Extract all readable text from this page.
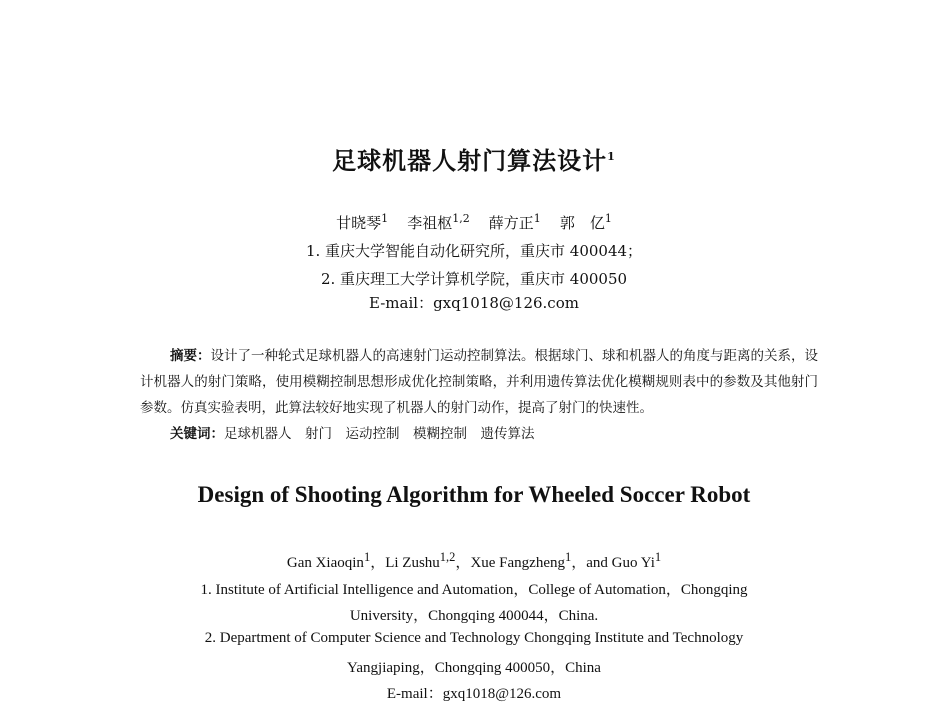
足球机器人射门算法设计$^1$
甘晓琴$^1$ 李祖枢$^{1,2}$ 薛方正$^1$ 郭　亿$^1$
1. 重庆大学智能自动化研究所，重庆市 400044；
2. 重庆理工大学计算机学院，重庆市 400050
E-mail：gxq1018@126.com

摘要：设计了一种轮式足球机器人的高速射门运动控制算法。根据球门、球和机器人的角度与距离的关系，设计机器人的射门策略，使用模糊控制思想形成优化控制策略，并利用遗传算法优化模糊规则表中的参数及其他射门参数。仿真实验表明，此算法较好地实现了机器人的射门动作，提高了射门的快速性。

关键词：足球机器人　射门　运动控制　模糊控制　遗传算法
Design of Shooting Algorithm for Wheeled Soccer Robot
Gan Xiaoqin$^1$，Li Zushu$^{1,2}$，Xue Fangzheng$^1$，and Guo Yi$^1$
1. Institute of Artificial Intelligence and Automation，College of Automation，Chongqing
University，Chongqing 400044，China.
2. Department of Computer Science and Technology Chongqing Institute and Technology
Yangjiaping，Chongqing 400050，China
E-mail：gxq1018@126.com
